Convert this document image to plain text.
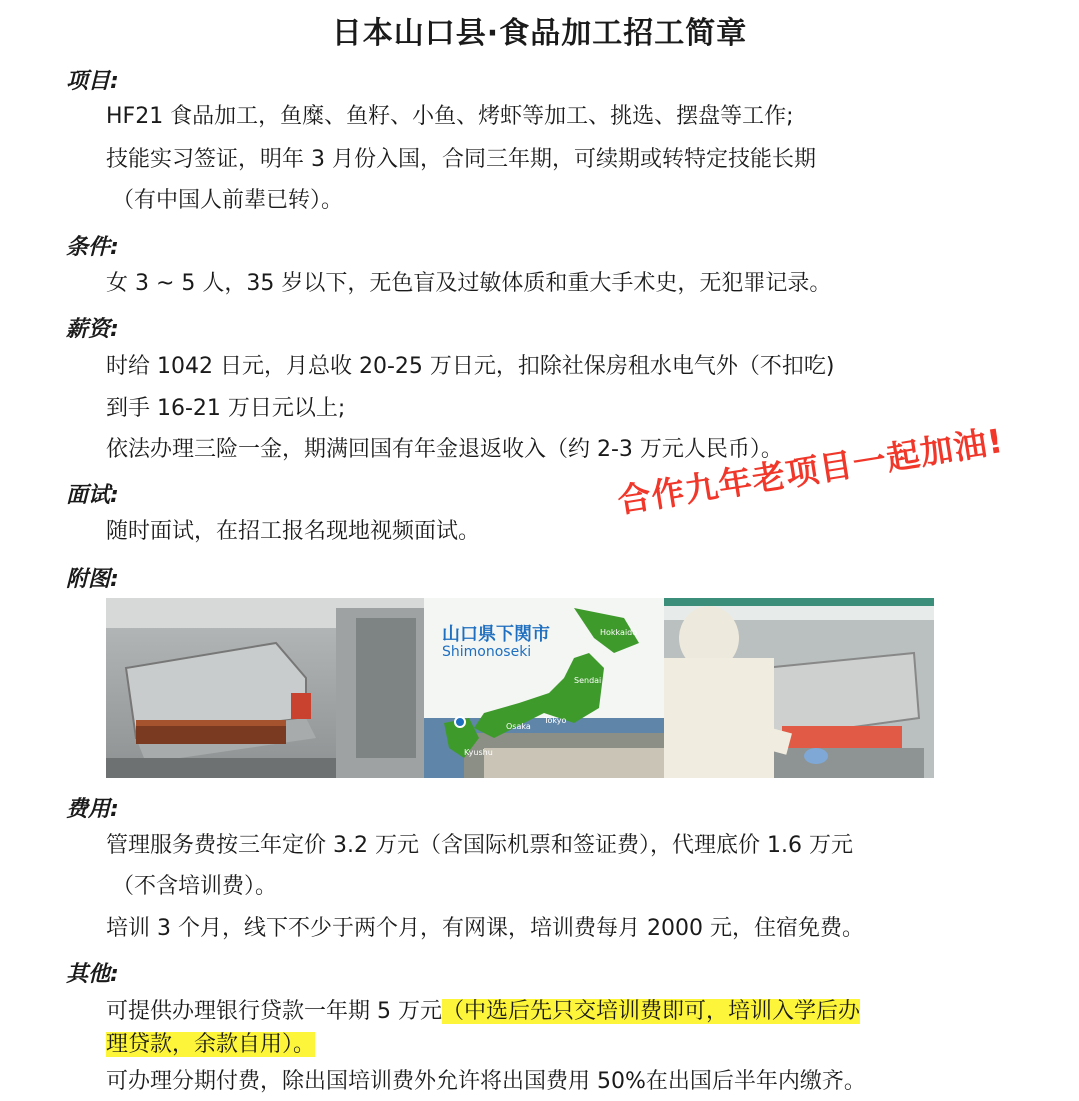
日本山口县·食品加工招工简章
项目:
HF21 食品加工，鱼糜、鱼籽、小鱼、烤虾等加工、挑选、摆盘等工作;
技能实习签证，明年 3 月份入国，合同三年期，可续期或转特定技能长期
（有中国人前辈已转）。
条件:
女 3 ~ 5 人，35 岁以下，无色盲及过敏体质和重大手术史，无犯罪记录。
薪资:
时给 1042 日元，月总收 20-25 万日元，扣除社保房租水电气外（不扣吃)
到手 16-21 万日元以上;
依法办理三险一金，期满回国有年金退返收入（约 2-3 万元人民币）。
面试:
随时面试，在招工报名现地视频面试。
合作九年老项目一起加油!
附图:
山口県下関市
Shimonoseki
Hokkaido
Sendai
Tokyo
Osaka
Kyushu
费用:
管理服务费按三年定价 3.2 万元（含国际机票和签证费），代理底价 1.6 万元
（不含培训费）。
培训 3 个月，线下不少于两个月，有网课，培训费每月 2000 元，住宿免费。
其他:
可提供办理银行贷款一年期 5 万元（中选后先只交培训费即可，培训入学后办
理贷款，余款自用）。
可办理分期付费，除出国培训费外允许将出国费用 50%在出国后半年内缴齐。
